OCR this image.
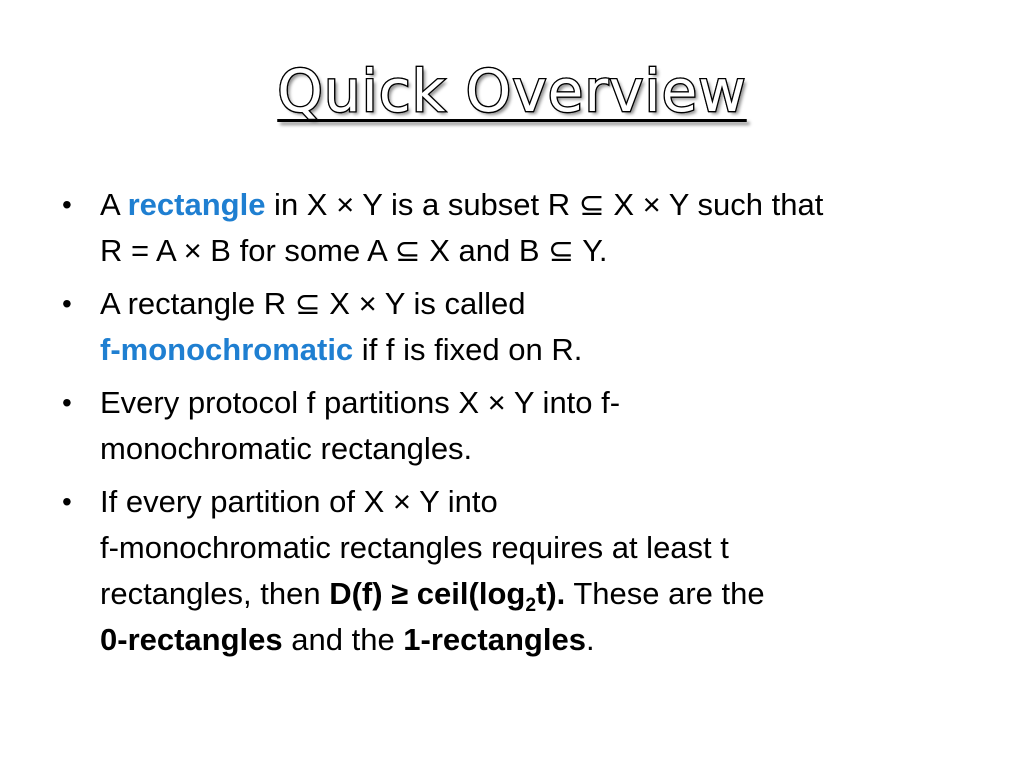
Quick Overview
• A rectangle in X × Y is a subset R ⊆ X × Y such that
R = A × B for some A ⊆ X and B ⊆ Y.
• A rectangle R ⊆ X × Y is called
f-monochromatic if f is fixed on R.
• Every protocol f partitions X × Y into f-
monochromatic rectangles.
• If every partition of X × Y into
f-monochromatic rectangles requires at least t
rectangles, then $D(f) \ge ceil(\log_2t)$. These are the
0-rectangles and the 1-rectangles.
